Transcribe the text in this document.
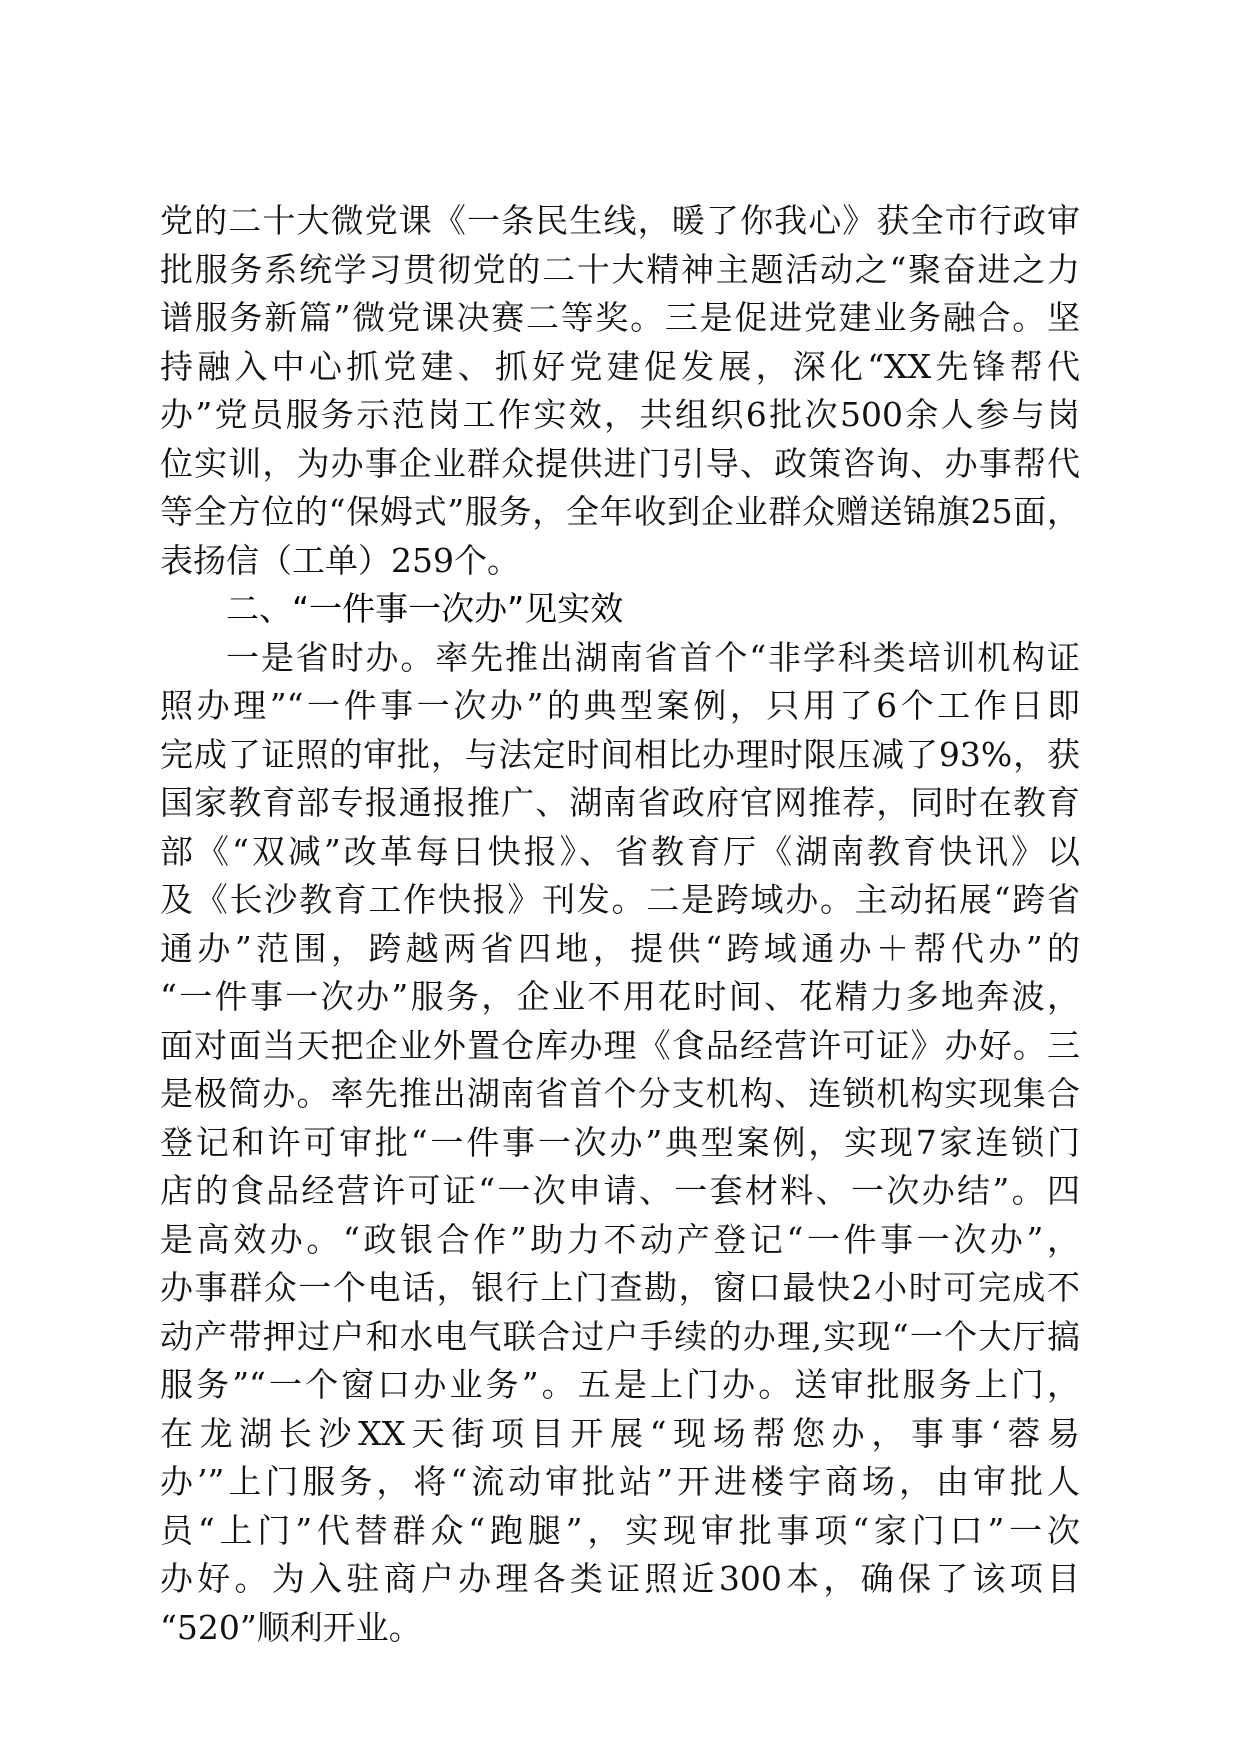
党的二十大微党课《一条民生线，暖了你我心》获全市行政审
批服务系统学习贯彻党的二十大精神主题活动之“聚奋进之力
谱服务新篇”微党课决赛二等奖。三是促进党建业务融合。坚
持融入中心抓党建、抓好党建促发展，深化“XX先锋帮代
办”党员服务示范岗工作实效，共组织6批次500余人参与岗
位实训，为办事企业群众提供进门引导、政策咨询、办事帮代
等全方位的“保姆式”服务，全年收到企业群众赠送锦旗25面，
表扬信（工单）259个。
二、“一件事一次办”见实效
一是省时办。率先推出湖南省首个“非学科类培训机构证
照办理”“一件事一次办”的典型案例，只用了6个工作日即
完成了证照的审批，与法定时间相比办理时限压减了93%，获
国家教育部专报通报推广、湖南省政府官网推荐，同时在教育
部《“双减”改革每日快报》、省教育厅《湖南教育快讯》以
及《长沙教育工作快报》刊发。二是跨域办。主动拓展“跨省
通办”范围，跨越两省四地，提供“跨域通办＋帮代办”的
“一件事一次办”服务，企业不用花时间、花精力多地奔波，
面对面当天把企业外置仓库办理《食品经营许可证》办好。三
是极简办。率先推出湖南省首个分支机构、连锁机构实现集合
登记和许可审批“一件事一次办”典型案例，实现7家连锁门
店的食品经营许可证“一次申请、一套材料、一次办结”。四
是高效办。“政银合作”助力不动产登记“一件事一次办”，
办事群众一个电话，银行上门查勘，窗口最快2小时可完成不
动产带押过户和水电气联合过户手续的办理,实现“一个大厅搞
服务”“一个窗口办业务”。五是上门办。送审批服务上门，
在龙湖长沙XX天街项目开展“现场帮您办，事事‘蓉易
办’”上门服务，将“流动审批站”开进楼宇商场，由审批人
员“上门”代替群众“跑腿”，实现审批事项“家门口”一次
办好。为入驻商户办理各类证照近300本，确保了该项目
“520”顺利开业。
